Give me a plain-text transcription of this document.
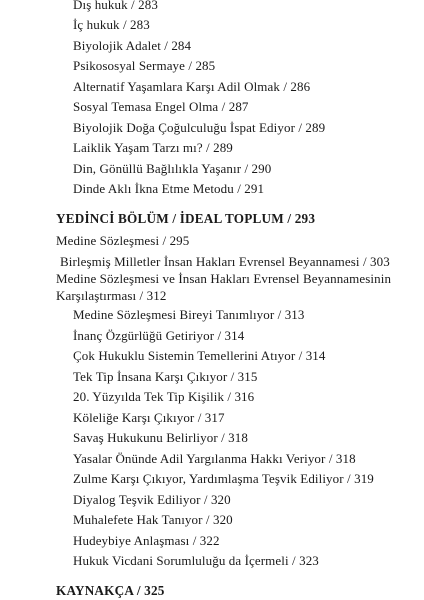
Dış hukuk / 283
İç hukuk / 283
Biyolojik Adalet / 284
Psikososyal Sermaye / 285
Alternatif Yaşamlara Karşı Adil Olmak / 286
Sosyal Temasa Engel Olma / 287
Biyolojik Doğa Çoğulculuğu İspat Ediyor / 289
Laiklik Yaşam Tarzı mı? / 289
Din, Gönüllü Bağlılıkla Yaşanır / 290
Dinde Aklı İkna Etme Metodu / 291
YEDİNCİ BÖLÜM / İDEAL TOPLUM / 293
Medine Sözleşmesi / 295
Birleşmiş Milletler İnsan Hakları Evrensel Beyannamesi / 303
Medine Sözleşmesi ve İnsan Hakları Evrensel Beyannamesinin
Karşılaştırması / 312
Medine Sözleşmesi Bireyi Tanımlıyor / 313
İnanç Özgürlüğü Getiriyor / 314
Çok Hukuklu Sistemin Temellerini Atıyor / 314
Tek Tip İnsana Karşı Çıkıyor / 315
20. Yüzyılda Tek Tip Kişilik / 316
Köleliğe Karşı Çıkıyor / 317
Savaş Hukukunu Belirliyor / 318
Yasalar Önünde Adil Yargılanma Hakkı Veriyor / 318
Zulme Karşı Çıkıyor, Yardımlaşma Teşvik Ediliyor / 319
Diyalog Teşvik Ediliyor / 320
Muhalefete Hak Tanıyor / 320
Hudeybiye Anlaşması / 322
Hukuk Vicdani Sorumluluğu da İçermeli / 323
KAYNAKÇA / 325
